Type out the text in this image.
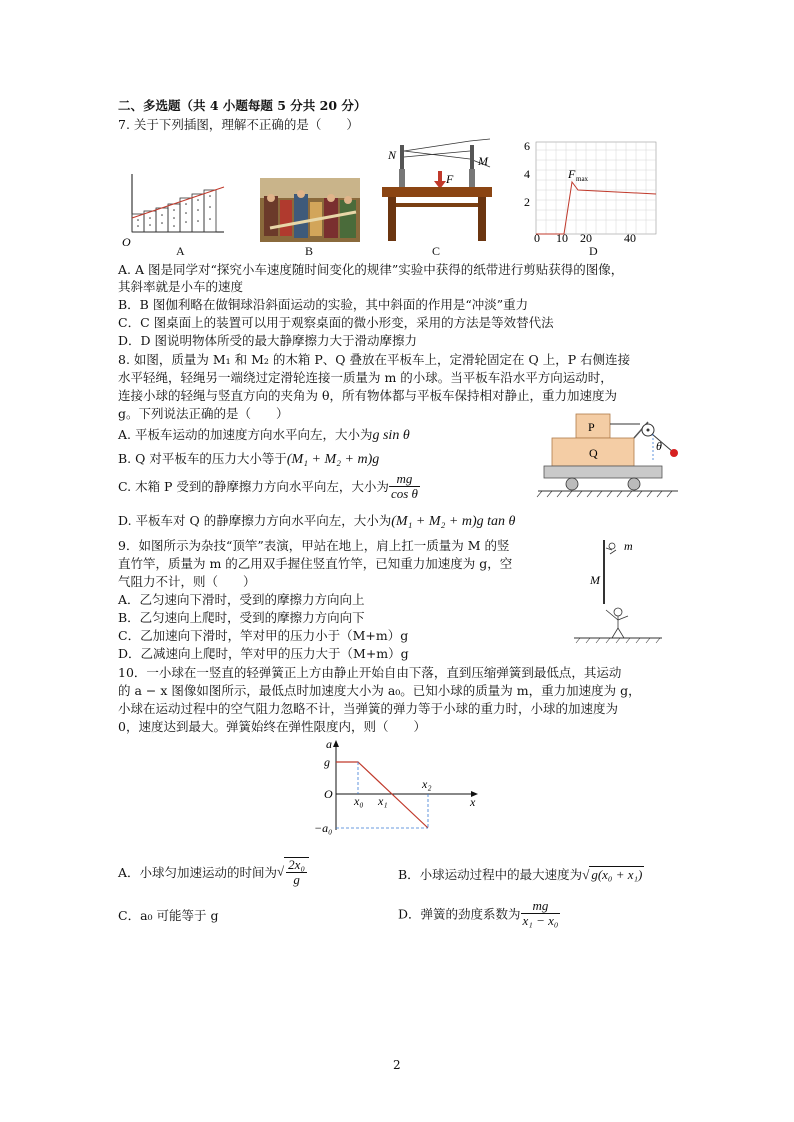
二、多选题（共 4 小题每题 5 分共 20 分）
7. 关于下列插图，理解不正确的是（　　）
O
A	B
N	M
F
C
6
4
2
0 10 20	40
F max
D
A. A 图是同学对“探究小车速度随时间变化的规律”实验中获得的纸带进行剪贴获得的图像，
其斜率就是小车的速度
B．B 图伽利略在做铜球沿斜面运动的实验，其中斜面的作用是“冲淡”重力
C．C 图桌面上的装置可以用于观察桌面的微小形变，采用的方法是等效替代法
D．D 图说明物体所受的最大静摩擦力大于滑动摩擦力
8. 如图，质量为 M₁ 和 M₂ 的木箱 P、Q 叠放在平板车上，定滑轮固定在 Q 上，P 右侧连接
水平轻绳，轻绳另一端绕过定滑轮连接一质量为 m 的小球。当平板车沿水平方向运动时，
连接小球的轻绳与竖直方向的夹角为 θ，所有物体都与平板车保持相对静止，重力加速度为
g。下列说法正确的是（　　）
A. 平板车运动的加速度方向水平向左，大小为g sin θ
B. Q 对平板车的压力大小等于(M₁ + M₂ + m)g
C. 木箱 P 受到的静摩擦力方向水平向左，大小为 $\frac{mg}{\text{cos θ}}$
D. 平板车对 Q 的静摩擦力方向水平向左，大小为(M₁ + M₂ + m)g tan θ
P
Q	θ
9．如图所示为杂技“顶竿”表演，甲站在地上，肩上扛一质量为 M 的竖
直竹竿，质量为 m 的乙用双手握住竖直竹竿，已知重力加速度为 g，空
气阻力不计，则（　　）
A．乙匀速向下滑时，受到的摩擦力方向向上
B．乙匀速向上爬时，受到的摩擦力方向向下
C．乙加速向下滑时，竿对甲的压力小于（M+m）g
D．乙减速向上爬时，竿对甲的压力大于（M+m）g
m
M
10．一小球在一竖直的轻弹簧正上方由静止开始自由下落，直到压缩弹簧到最低点，其运动
的 a − x 图像如图所示，最低点时加速度大小为 a₀。已知小球的质量为 m，重力加速度为 g，
小球在运动过程中的空气阻力忽略不计，当弹簧的弹力等于小球的重力时，小球的加速度为
0，速度达到最大。弹簧始终在弹性限度内，则（　　）
a
g
O x₀ x₁
x₂
x
−a₀
A．小球匀加速运动的时间为√ $\frac{\text{2x₀}}{g}$	B．小球运动过程中的最大速度为√ g(x₀ + x₁)
C．a₀ 可能等于 g	D．弹簧的劲度系数为 $\frac{mg}{\text{x₁ − x₀}}$
2
